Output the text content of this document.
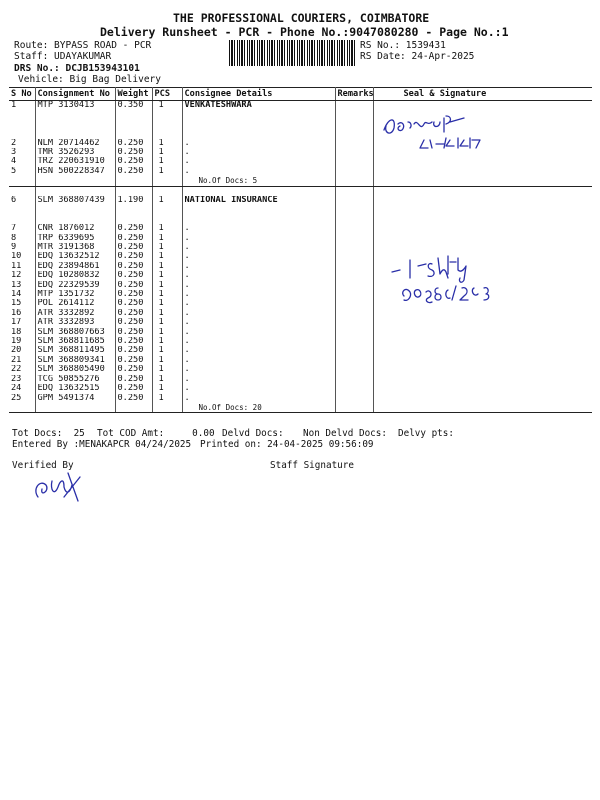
THE PROFESSIONAL COURIERS, COIMBATORE
Delivery Runsheet - PCR - Phone No.:9047080280 - Page No.:1
Route: BYPASS ROAD - PCR
Staff: UDAYAKUMAR
DRS No.: DCJB153943101
Vehicle: Big Bag Delivery
RS No.: 1539431
RS Date: 24-Apr-2025
S No	Consignment No	Weight	PCS	Consignee Details	Remarks	Seal & Signature
1	MTP 3130413	0.350	1	VENKATESHWARA		

2	NLM 20714462	0.250	1	.		
3	TMR 3526293	0.250	1	.		
4	TRZ 220631910	0.250	1	.		
5	HSN 500228347	0.250	1	.		
				No.Of Docs: 5		

6	SLM 368807439	1.190	1	NATIONAL INSURANCE		

7	CNR 1876012	0.250	1	.		
8	TRP 6339695	0.250	1	.		
9	MTR 3191368	0.250	1	.		
10	EDQ 13632512	0.250	1	.		
11	EDQ 23894861	0.250	1	.		
12	EDQ 10280832	0.250	1	.		
13	EDQ 22329539	0.250	1	.		
14	MTP 1351732	0.250	1	.		
15	POL 2614112	0.250	1	.		
16	ATR 3332892	0.250	1	.		
17	ATR 3332893	0.250	1	.		
18	SLM 368807663	0.250	1	.		
19	SLM 368811685	0.250	1	.		
20	SLM 368811495	0.250	1	.		
21	SLM 368809341	0.250	1	.		
22	SLM 368805490	0.250	1	.		
23	TCG 50855276	0.250	1	.		
24	EDQ 13632515	0.250	1	.		
25	GPM 5491374	0.250	1	.		
				No.Of Docs: 20		
Tot Docs:  25 Tot COD Amt:     0.00 Delvd Docs: Non Delvd Docs: Delvy pts:
Entered By :MENAKAPCR 04/24/2025 Printed on: 24-04-2025 09:56:09
Verified By	Staff Signature
